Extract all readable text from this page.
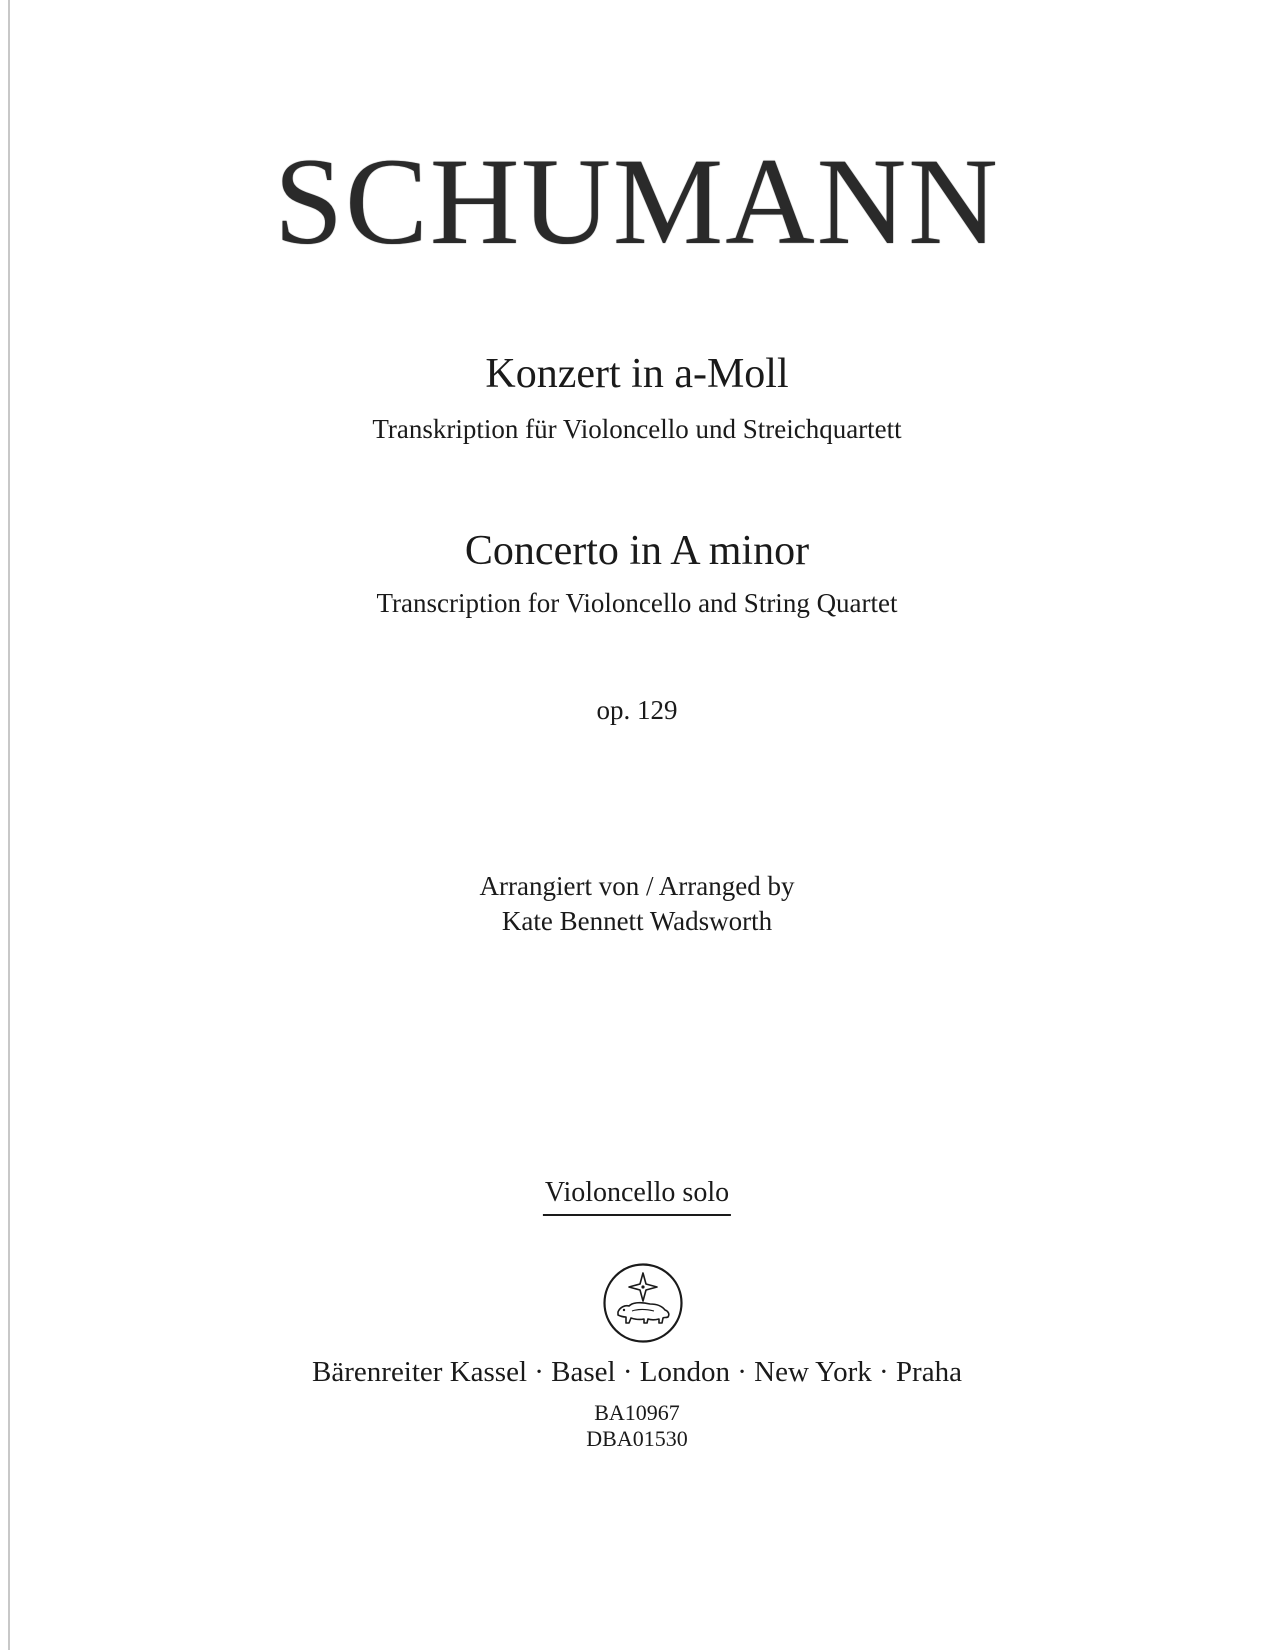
SCHUMANN
Konzert in a-Moll
Transkription für Violoncello und Streichquartett
Concerto in A minor
Transcription for Violoncello and String Quartet
op. 129
Arrangiert von / Arranged by
Kate Bennett Wadsworth
Violoncello solo
Bärenreiter Kassel · Basel · London · New York · Praha
BA10967
DBA01530
